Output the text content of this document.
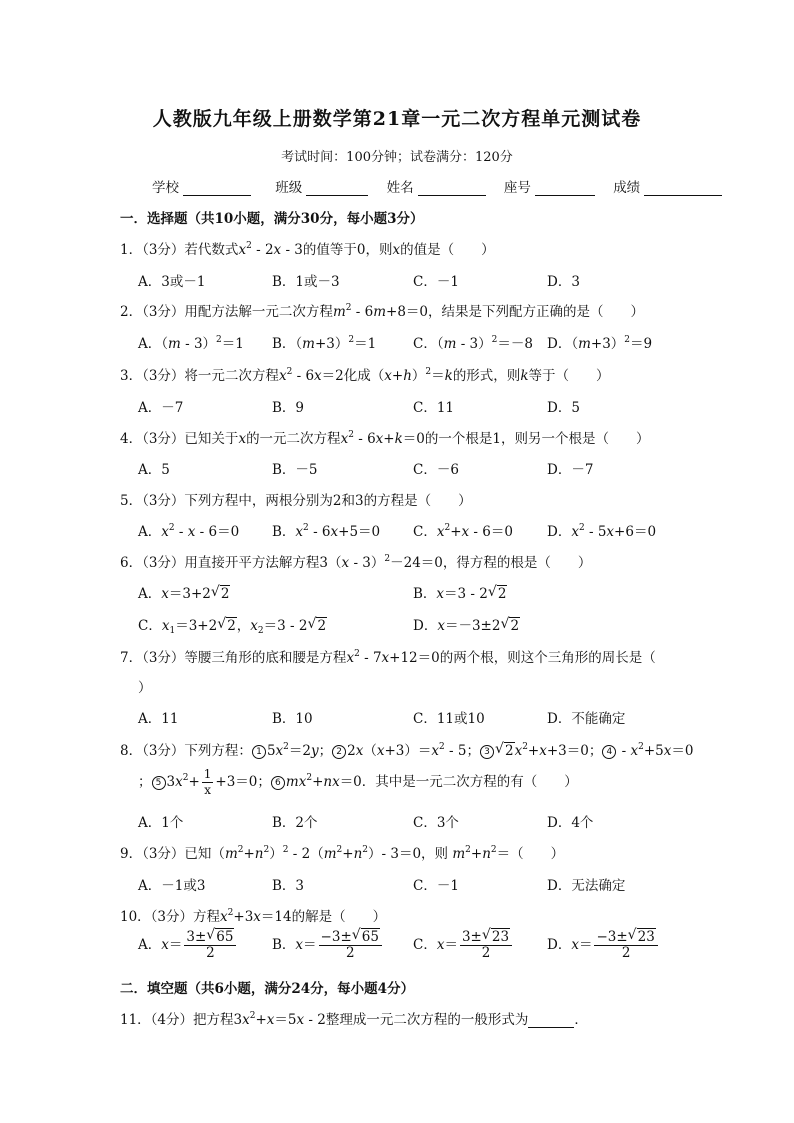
人教版九年级上册数学第21章一元二次方程单元测试卷
考试时间：100分钟；试卷满分：120分
学校	班级	姓名	座号	成绩
一．选择题（共10小题，满分30分，每小题3分）
1．（3分）若代数式$x^2 - 2x - 3$的值等于0，则x的值是（　　）
A．3或－1	B．1或－3	C．－1	D．3
2．（3分）用配方法解一元二次方程$m^2 - 6m+8=0$，结果是下列配方正确的是（　　）
A．（m - 3）$^2$＝1 B．$(m+3)^2=1$	C．（m - 3）$^2$＝－8 D．$(m+3)^2=9$
3．（3分）将一元二次方程$x^2 - 6x=2$化成$(x+h)^2=k$的形式，则k等于（　　）
A．－7	B．9	C．11	D．5
4．（3分）已知关于x的一元二次方程$x^2 - 6x+k=0$的一个根是1，则另一个根是（　　）
A．5	B．－5	C．－6	D．－7
5．（3分）下列方程中，两根分别为2和3的方程是（　　）
A．$x^2 - x - 6=0$ B．$x^2 - 6x+5=0$ C．$x^2+x - 6=0$	D．$x^2 - 5x+6=0$
6．（3分）用直接开平方法解方程3（x - 3）$^2$－24＝0，得方程的根是（　　）
A．x＝3+2 √ 2	B．x＝3 - 2 √ 2
C．$x_1=3+2$ √ 2，$x_2=3 - 2$ √ 2	D．x＝－3±2 √ 2
7．（3分）等腰三角形的底和腰是方程$x^2 - 7x+12=0$的两个根，则这个三角形的周长是（
）
A．11	B．10	C．11或10	D．不能确定
8．（3分）下列方程： 1 $5x^2=2y$； 2 $2x(x+3)=x^2 - 5$； 3 √ $2x^2+x+3=0$； $4 - x^2+5x=0$
； 5 $3x^2+ \frac{1}{x} +3=0$； 6 $mx^2+nx=0$．其中是一元二次方程的有（　　）
A．1个	B．2个	C．3个	D．4个
9．（3分）已知$(m^2+n^2)^2 - 2(m^2+n^2)-$ 3＝0，则 $m^2+n^2=$（　　）
A．－1或3	B．3	C．－1	D．无法确定
10．（3分）方程$x^2+3x=14$的解是（　　）
A．$x= \frac{3\pm √ 65}{2}$	B．$x= \frac{-3\pm √ 65}{2}$ C．$x= \frac{3\pm √ 23}{2}$	D．$x= \frac{-3\pm √ 23}{2}$
二．填空题（共6小题，满分24分，每小题4分）
11．（4分）把方程$3x^2+x=5x - 2$整理成一元二次方程的一般形式为	．
